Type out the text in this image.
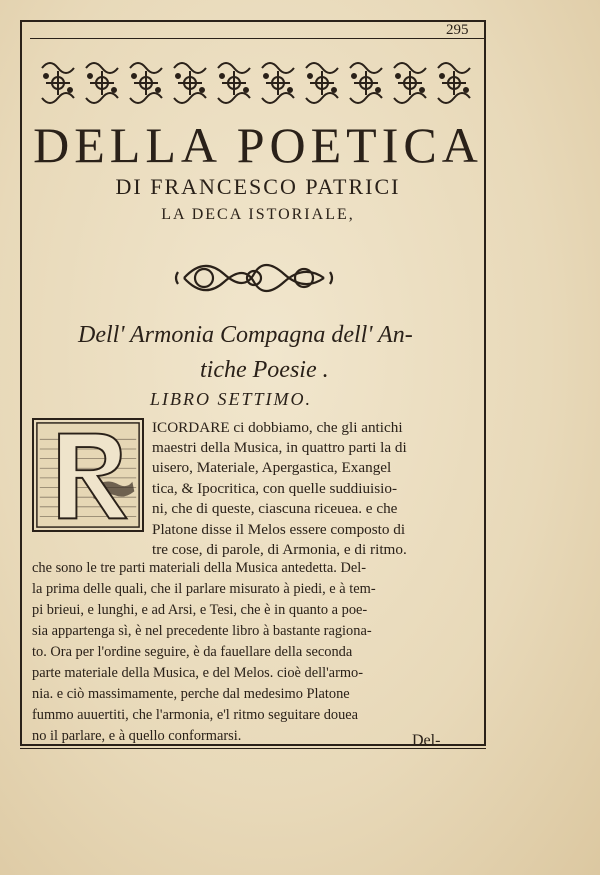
295
DELLA POETICA
DI FRANCESCO PATRICI
LA DECA ISTORIALE,
Dell' Armonia Compagna dell' An-
tiche Poesie .
LIBRO SETTIMO.
ICORDARE ci dobbiamo, che gli antichi
maestri della Musica, in quattro parti la di
uisero, Materiale, Apergastica, Exangel
tica, & Ipocritica, con quelle suddiuisio-
ni, che di queste, ciascuna riceuea. e che
Platone disse il Melos essere composto di
tre cose, di parole, di Armonia, e di ritmo.
che sono le tre parti materiali della Musica antedetta. Del-
la prima delle quali, che il parlare misurato à piedi, e à tem-
pi brieui, e lunghi, e ad Arsi, e Tesi, che è in quanto a poe-
sia appartenga sì, è nel precedente libro à bastante ragiona-
to. Ora per l'ordine seguire, è da fauellare della seconda
parte materiale della Musica, e del Melos. cioè dell'armo-
nia. e ciò massimamente, perche dal medesimo Platone
fummo auuertiti, che l'armonia, e'l ritmo seguitare douea
no il parlare, e à quello conformarsi.	Del-
